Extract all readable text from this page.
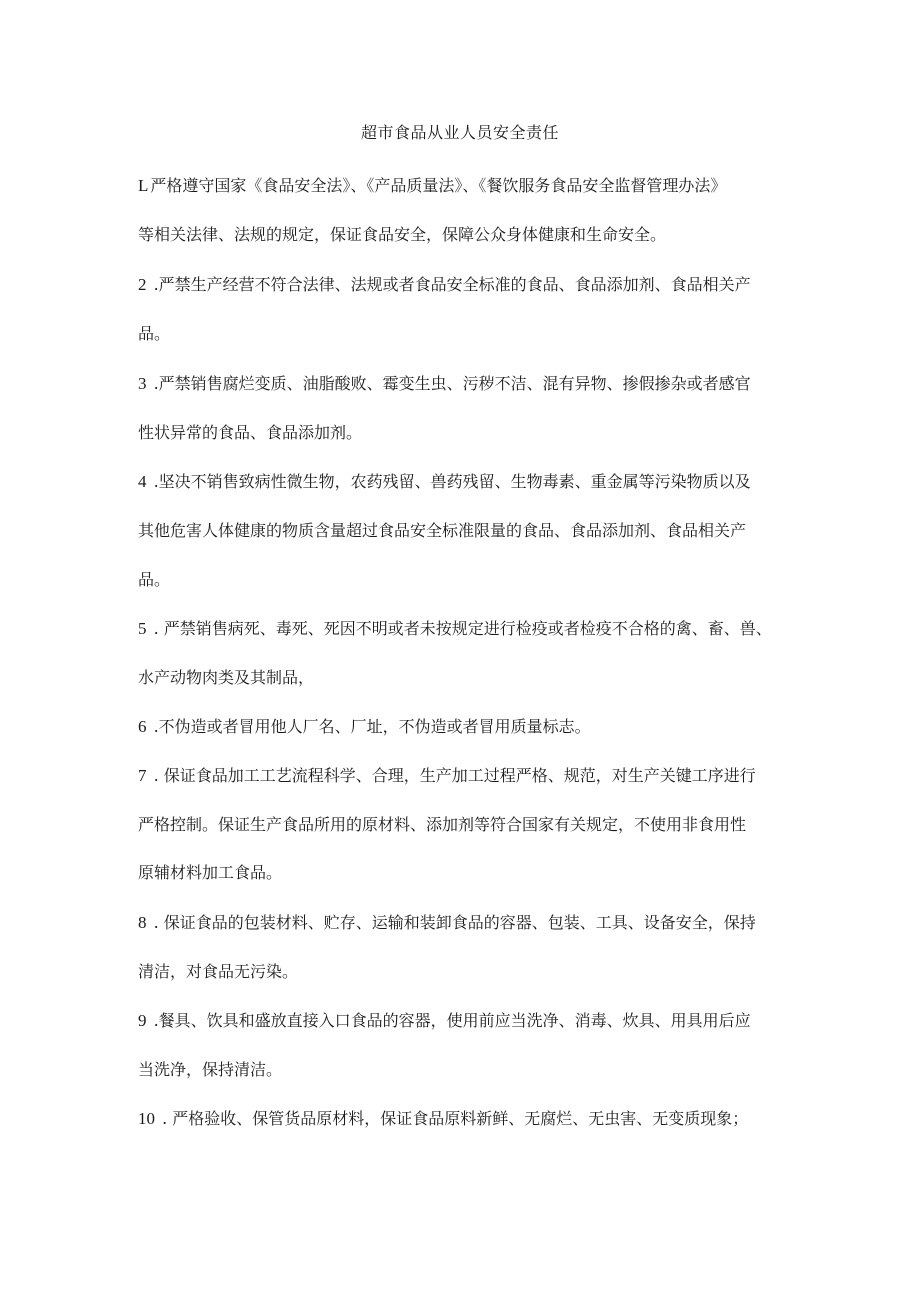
超市食品从业人员安全责任
L 严格遵守国家《食品安全法》、《产品质量法》、《餐饮服务食品安全监督管理办法》
等相关法律、法规的规定，保证食品安全，保障公众身体健康和生命安全。
2 .严禁生产经营不符合法律、法规或者食品安全标准的食品、食品添加剂、食品相关产
品。
3 .严禁销售腐烂变质、油脂酸败、霉变生虫、污秽不洁、混有异物、掺假掺杂或者感官
性状异常的食品、食品添加剂。
4 .坚决不销售致病性微生物，农药残留、兽药残留、生物毒素、重金属等污染物质以及
其他危害人体健康的物质含量超过食品安全标准限量的食品、食品添加剂、食品相关产
品。
5 . 严禁销售病死、毒死、死因不明或者未按规定进行检疫或者检疫不合格的禽、畜、兽、
水产动物肉类及其制品，
6 .不伪造或者冒用他人厂名、厂址，不伪造或者冒用质量标志。
7 . 保证食品加工工艺流程科学、合理，生产加工过程严格、规范，对生产关键工序进行
严格控制。保证生产食品所用的原材料、添加剂等符合国家有关规定，不使用非食用性
原辅材料加工食品。
8 . 保证食品的包装材料、贮存、运输和装卸食品的容器、包装、工具、设备安全，保持
清洁，对食品无污染。
9 .餐具、饮具和盛放直接入口食品的容器，使用前应当洗净、消毒、炊具、用具用后应
当洗净，保持清洁。
10 . 严格验收、保管货品原材料，保证食品原料新鲜、无腐烂、无虫害、无变质现象；
